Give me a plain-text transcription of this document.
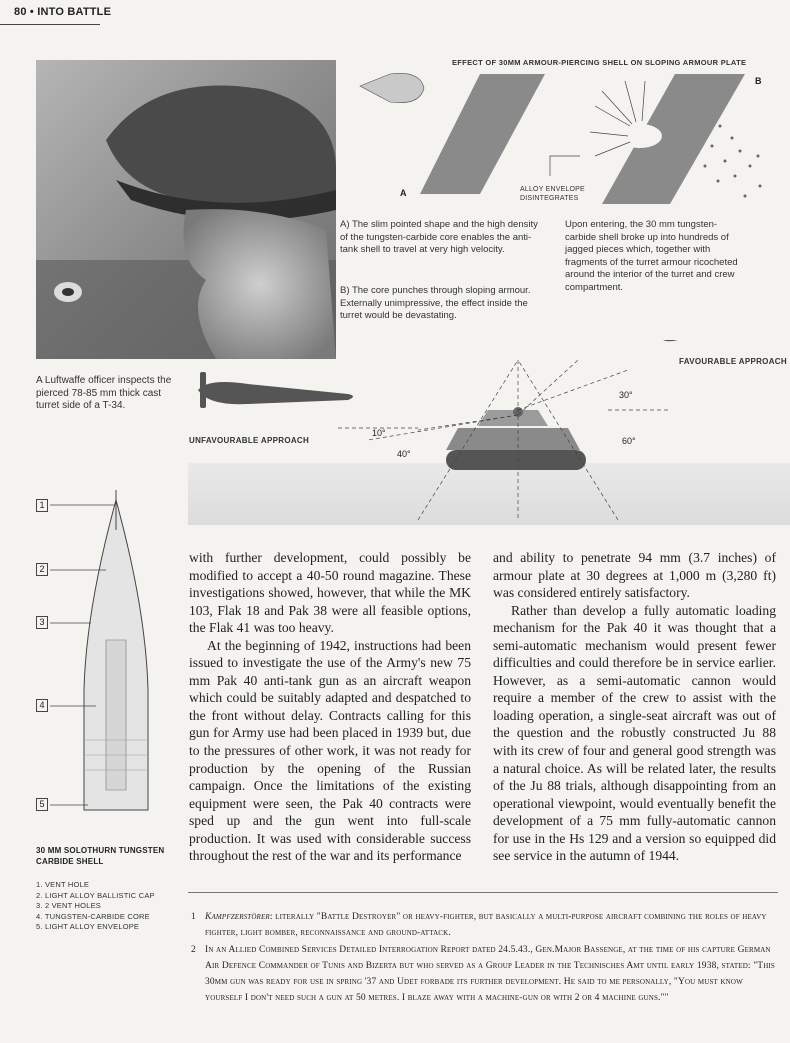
80 • INTO BATTLE
A Luftwaffe officer inspects the pierced 78-85 mm thick cast turret side of a T-34.
EFFECT OF 30MM ARMOUR-PIERCING SHELL ON SLOPING ARMOUR PLATE
A
B
ALLOY ENVELOPE DISINTEGRATES
A) The slim pointed shape and the high density of the tungsten-carbide core enables the anti-tank shell to travel at very high velocity.
B) The core punches through sloping armour. Externally unimpressive, the effect inside the turret would be devastating.
Upon entering, the 30 mm tungsten-carbide shell broke up into hundreds of jagged pieces which, together with fragments of the turret armour ricocheted around the interior of the turret and crew compartment.
FAVOURABLE APPROACH
UNFAVOURABLE APPROACH
10°
40°
30°
60°
1
2
3
4
5
30 MM SOLOTHURN TUNGSTEN CARBIDE SHELL
1. VENT HOLE
2. LIGHT ALLOY BALLISTIC CAP
3. 2 VENT HOLES
4. TUNGSTEN-CARBIDE CORE
5. LIGHT ALLOY ENVELOPE

with further development, could possibly be modified to accept a 40-50 round magazine. These investigations showed, however, that while the MK 103, Flak 18 and Pak 38 were all feasible options, the Flak 41 was too heavy.

At the beginning of 1942, instructions had been issued to investigate the use of the Army's new 75 mm Pak 40 anti-tank gun as an aircraft weapon which could be suitably adapted and despatched to the front without delay. Contracts calling for this gun for Army use had been placed in 1939 but, due to the pressures of other work, it was not ready for production by the opening of the Russian campaign. Once the limitations of the existing equipment were seen, the Pak 40 contracts were sped up and the gun went into full-scale production. It was used with considerable success throughout the rest of the war and its performance

and ability to penetrate 94 mm (3.7 inches) of armour plate at 30 degrees at 1,000 m (3,280 ft) was considered entirely satisfactory.

Rather than develop a fully automatic loading mechanism for the Pak 40 it was thought that a semi-automatic mechanism would present fewer difficulties and could therefore be in service earlier. However, as a semi-automatic cannon would require a member of the crew to assist with the loading operation, a single-seat aircraft was out of the question and the robustly constructed Ju 88 with its crew of four and general good strength was a natural choice. As will be related later, the results of the Ju 88 trials, although disappointing from an operational viewpoint, would eventually benefit the development of a 75 mm fully-automatic cannon for use in the Hs 129 and a version so equipped did see service in the autumn of 1944.

1 Kampfzerstörer: literally "Battle Destroyer" or heavy-fighter, but basically a multi-purpose aircraft combining the roles of heavy fighter, light bomber, reconnaissance and ground-attack.
2 In an Allied Combined Services Detailed Interrogation Report dated 24.5.43., Gen.Major Bassenge, at the time of his capture German Air Defence Commander of Tunis and Bizerta but who served as a Group Leader in the Technisches Amt until early 1938, stated: "This 30mm gun was ready for use in spring '37 and Udet forbade its further development. He said to me personally, "You must know yourself I don't need such a gun at 50 metres. I blaze away with a machine-gun or with 2 or 4 machine guns.""
